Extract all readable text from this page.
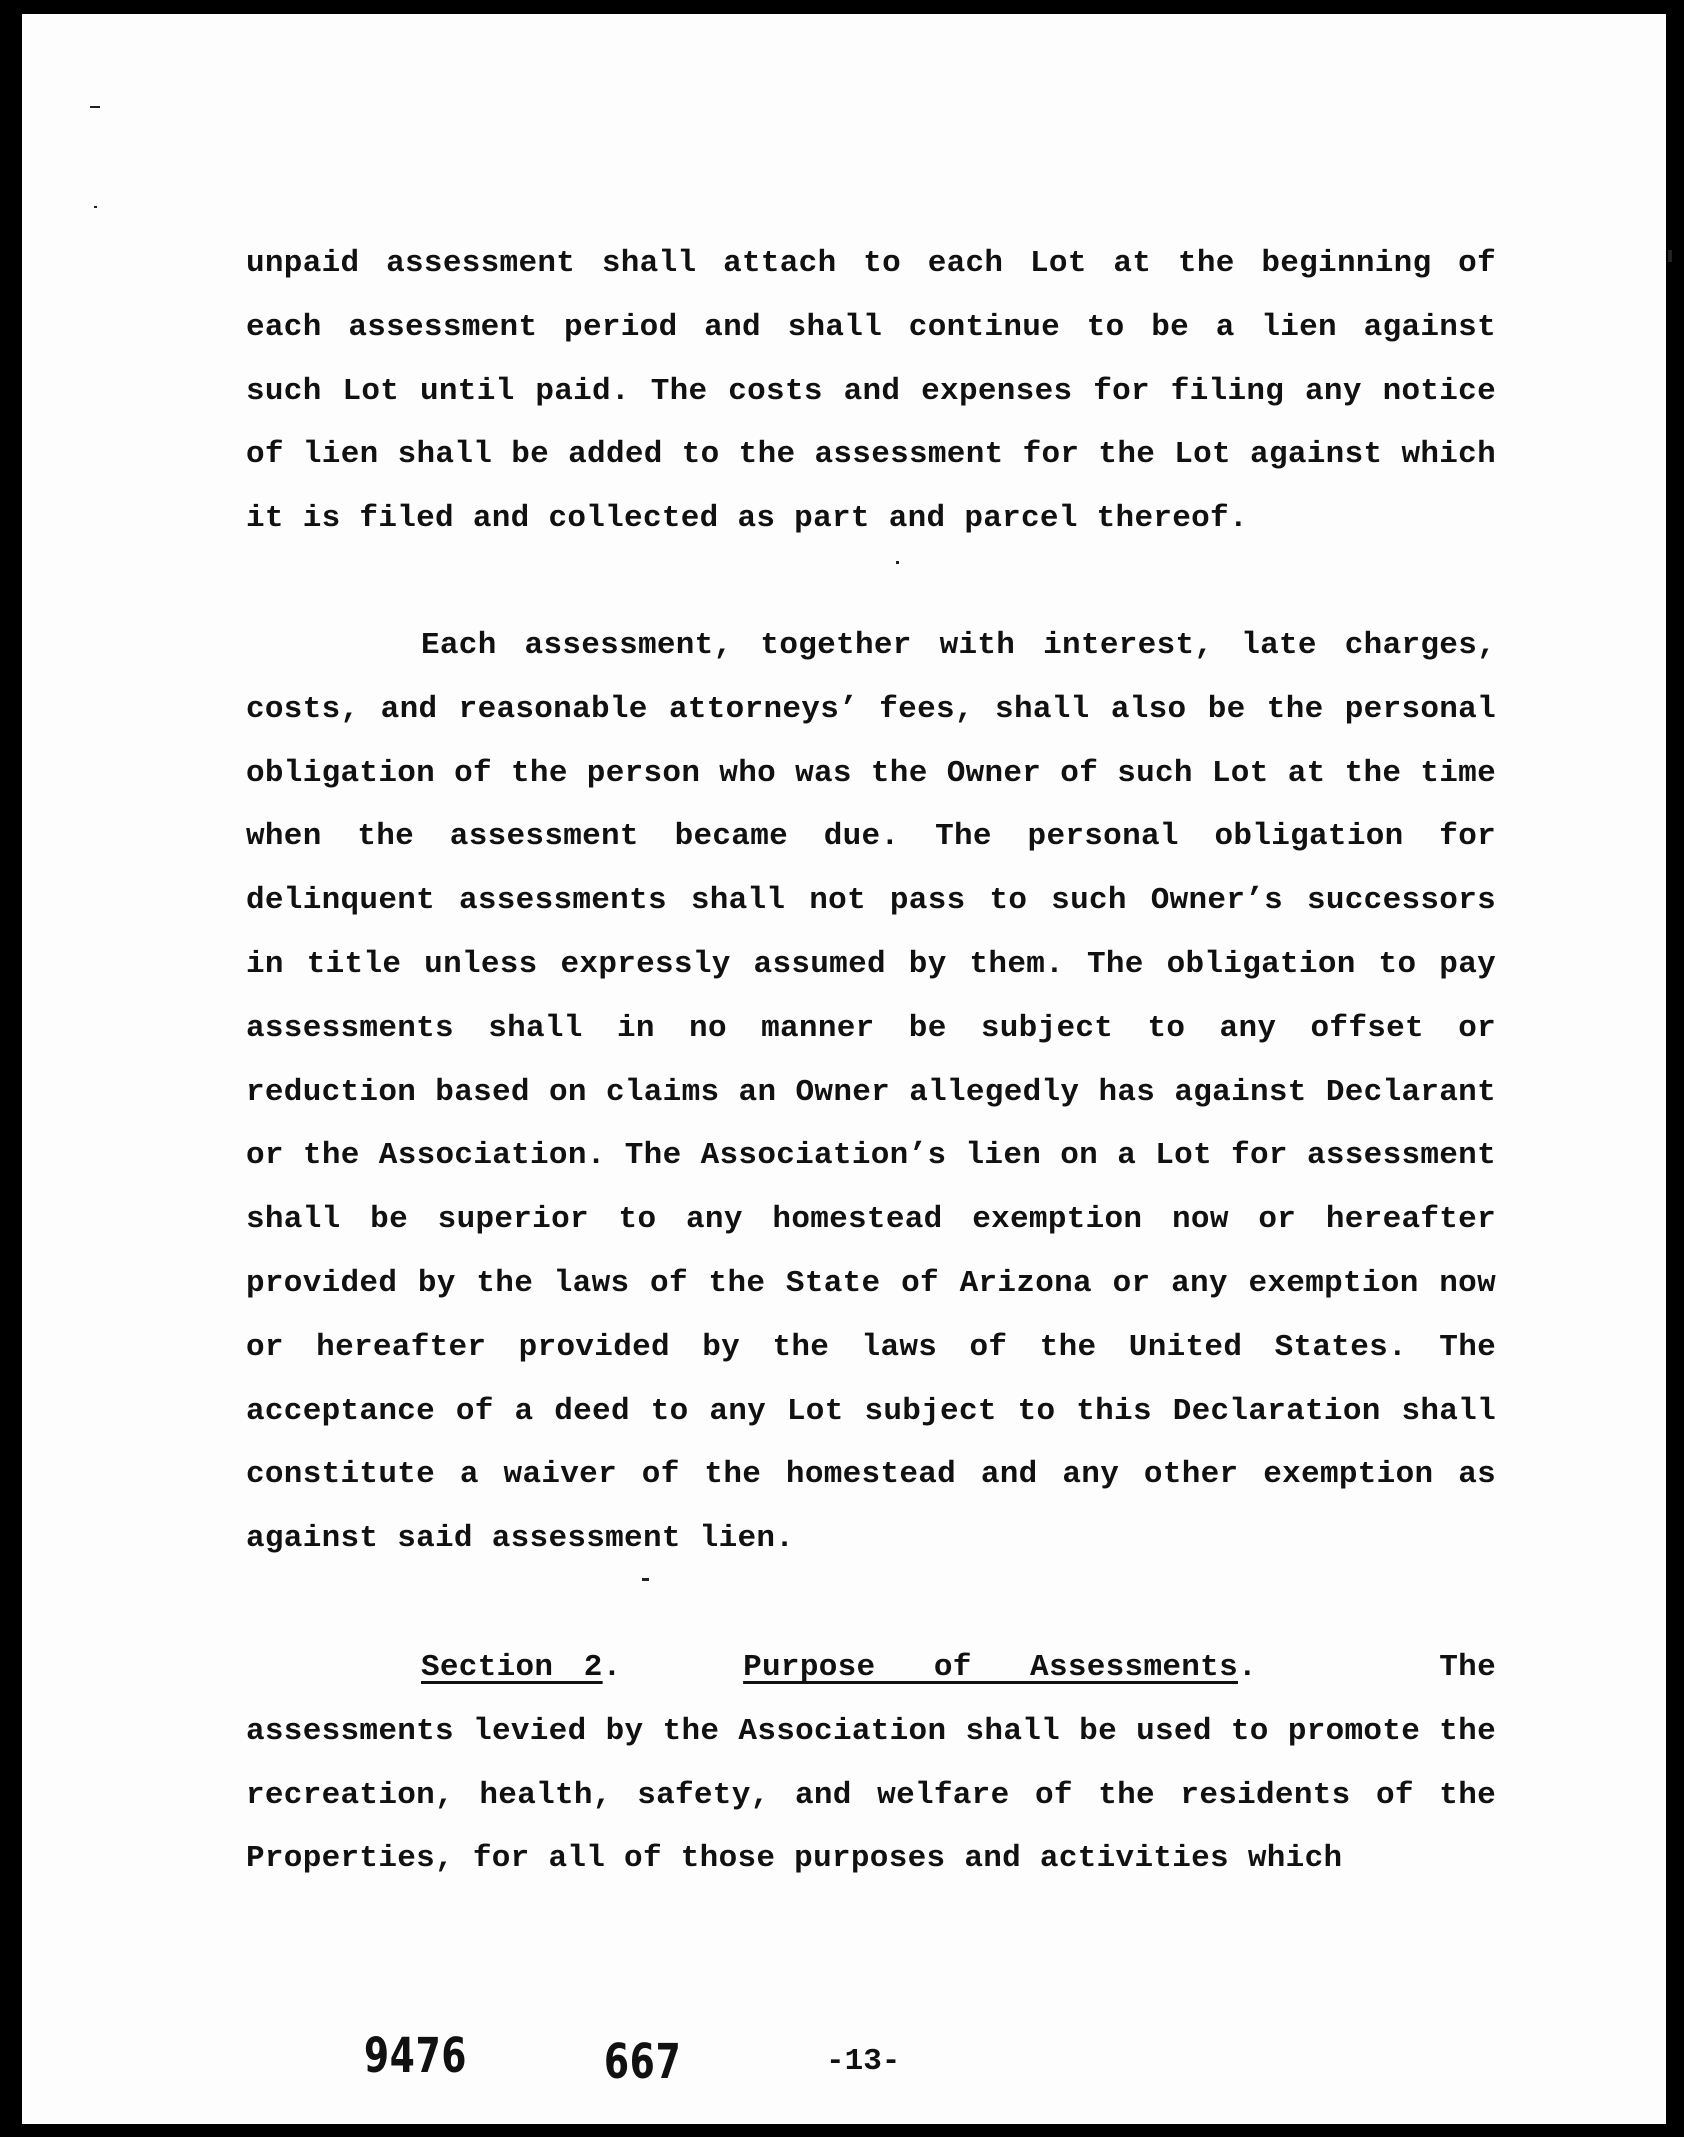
unpaid assessment shall attach to each Lot at the beginning of each assessment period and shall continue to be a lien against such Lot until paid. The costs and expenses for filing any notice of lien shall be added to the assessment for the Lot against which it is filed and collected as part and parcel thereof.

Each assessment, together with interest, late charges, costs, and reasonable attorneys’ fees, shall also be the personal obligation of the person who was the Owner of such Lot at the time when the assessment became due. The personal obligation for delinquent assessments shall not pass to such Owner’s successors in title unless expressly assumed by them. The obligation to pay assessments shall in no manner be subject to any offset or reduction based on claims an Owner allegedly has against Declarant or the Association. The Association’s lien on a Lot for assessment shall be superior to any homestead exemption now or hereafter provided by the laws of the State of Arizona or any exemption now or hereafter provided by the laws of the United States. The acceptance of a deed to any Lot subject to this Declaration shall constitute a waiver of the homestead and any other exemption as against said assessment lien.

Section 2.    Purpose of Assessments.      The assessments levied by the Association shall be used to promote the recreation, health, safety, and welfare of the residents of the Properties, for all of those purposes and activities which

9476	667	-13-
